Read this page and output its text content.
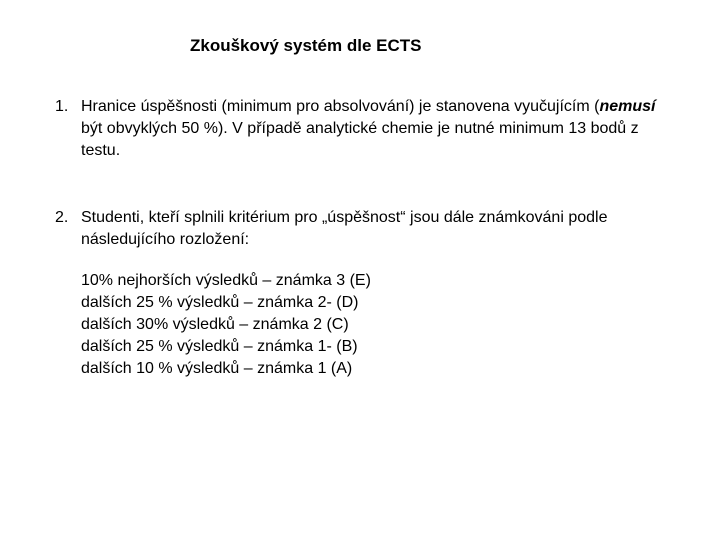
Zkouškový systém dle ECTS
1. Hranice úspěšnosti (minimum pro absolvování) je stanovena vyučujícím (nemusí být obvyklých 50 %). V případě analytické chemie je nutné minimum 13 bodů z testu.
2. Studenti, kteří splnili kritérium pro „úspěšnost“ jsou dále známkováni podle následujícího rozložení:
10% nejhorších výsledků – známka 3 (E)
dalších 25 % výsledků – známka 2- (D)
dalších 30% výsledků – známka 2 (C)
dalších 25 % výsledků – známka 1- (B)
dalších 10 % výsledků – známka 1 (A)
